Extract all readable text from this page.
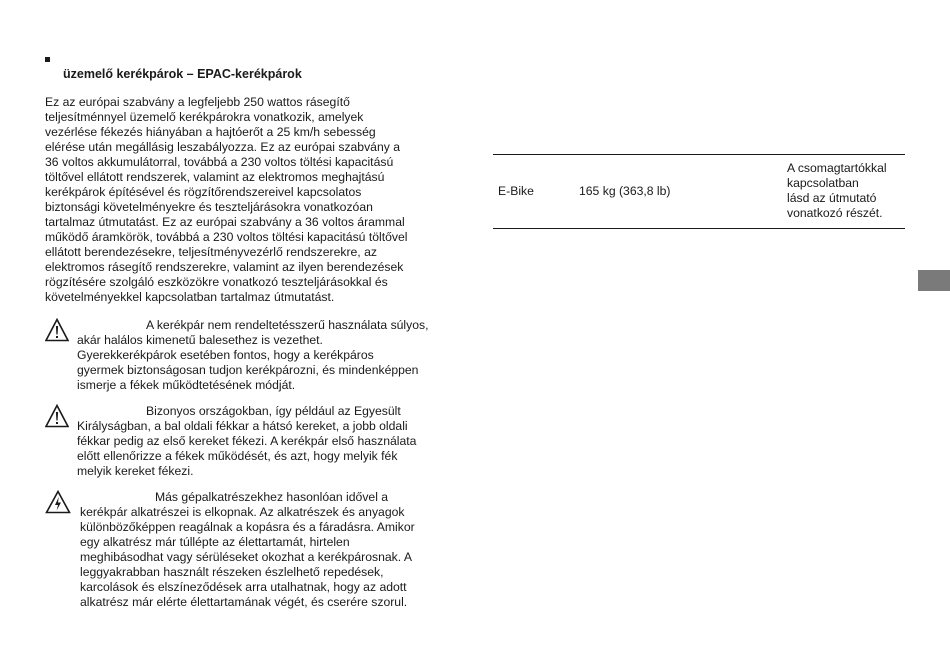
üzemelő kerékpárok – EPAC-kerékpárok
Ez az európai szabvány a legfeljebb 250 wattos rásegítő
teljesítménnyel üzemelő kerékpárokra vonatkozik, amelyek
vezérlése fékezés hiányában a hajtóerőt a 25 km/h sebesség
elérése után megállásig leszabályozza. Ez az európai szabvány a
36 voltos akkumulátorral, továbbá a 230 voltos töltési kapacitású
töltővel ellátott rendszerek, valamint az elektromos meghajtású
kerékpárok építésével és rögzítőrendszereivel kapcsolatos
biztonsági követelményekre és teszteljárásokra vonatkozóan
tartalmaz útmutatást. Ez az európai szabvány a 36 voltos árammal
működő áramkörök, továbbá a 230 voltos töltési kapacitású töltővel
ellátott berendezésekre, teljesítményvezérlő rendszerekre, az
elektromos rásegítő rendszerekre, valamint az ilyen berendezések
rögzítésére szolgáló eszközökre vonatkozó teszteljárásokkal és
követelményekkel kapcsolatban tartalmaz útmutatást.
A kerékpár nem rendeltetésszerű használata súlyos,
akár halálos kimenetű balesethez is vezethet.
Gyerekkerékpárok esetében fontos, hogy a kerékpáros
gyermek biztonságosan tudjon kerékpározni, és mindenképpen
ismerje a fékek működtetésének módját.
Bizonyos országokban, így például az Egyesült
Királyságban, a bal oldali fékkar a hátsó kereket, a jobb oldali
fékkar pedig az első kereket fékezi. A kerékpár első használata
előtt ellenőrizze a fékek működését, és azt, hogy melyik fék
melyik kereket fékezi.
Más gépalkatrészekhez hasonlóan idővel a
kerékpár alkatrészei is elkopnak. Az alkatrészek és anyagok
különbözőképpen reagálnak a kopásra és a fáradásra. Amikor
egy alkatrész már túllépte az élettartamát, hirtelen
meghibásodhat vagy sérüléseket okozhat a kerékpárosnak. A
leggyakrabban használt részeken észlelhető repedések,
karcolások és elszíneződések arra utalhatnak, hogy az adott
alkatrész már elérte élettartamának végét, és cserére szorul.
E-Bike	165 kg (363,8 lb)
A csomagtartókkal
kapcsolatban
lásd az útmutató
vonatkozó részét.
